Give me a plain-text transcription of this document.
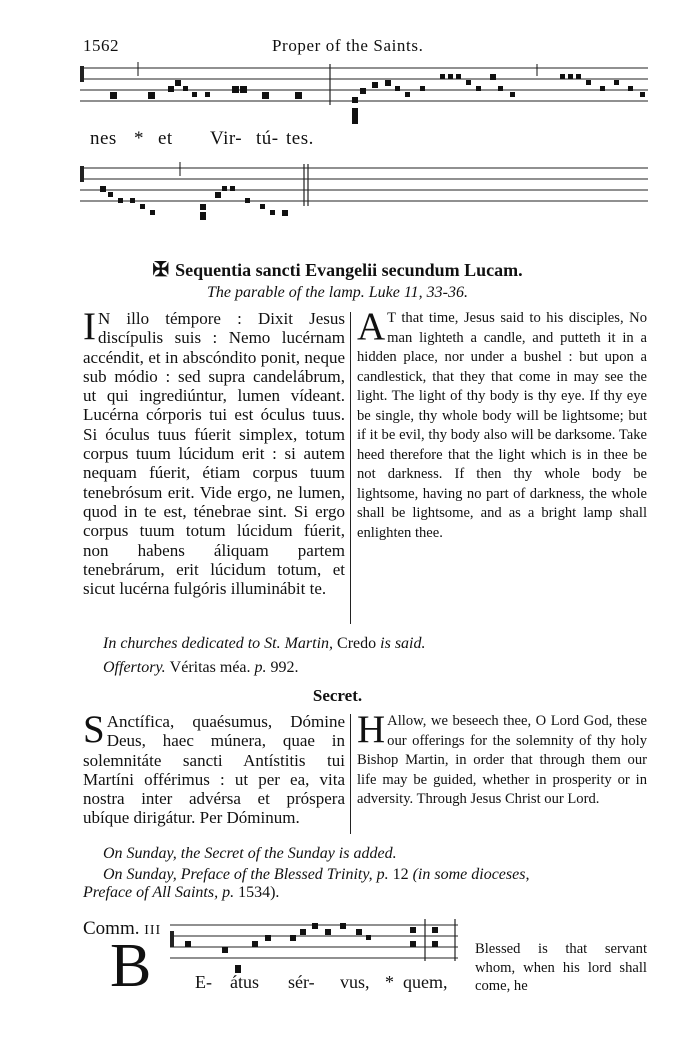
1562	Proper of the Saints.
nes * et Vir- tú- tes.
✠ Sequentia sancti Evangelii secundum Lucam.
The parable of the lamp. Luke 11, 33-36.
I N illo témpore : Dixit Jesus discípulis suis : Nemo lucérnam accéndit, et in abscóndito ponit, neque sub módio : sed supra candelábrum, ut qui ingrediúntur, lumen vídeant. Lucérna córporis tui est óculus tuus. Si óculus tuus fúerit simplex, totum corpus tuum lúcidum erit : si autem nequam fúerit, étiam corpus tuum tenebrósum erit. Vide ergo, ne lumen, quod in te est, ténebrae sint. Si ergo corpus tuum totum lúcidum fúerit, non habens áliquam partem tenebrárum, erit lúcidum totum, et sicut lucérna fulgóris illuminábit te.
A T that time, Jesus said to his disciples, No man lighteth a candle, and putteth it in a hidden place, nor under a bushel : but upon a candlestick, that they that come in may see the light. The light of thy body is thy eye. If thy eye be single, thy whole body will be lightsome; but if it be evil, thy body also will be darksome. Take heed therefore that the light which is in thee be not darkness. If then thy whole body be lightsome, having no part of darkness, the whole shall be lightsome, and as a bright lamp shall enlighten thee.
In churches dedicated to St. Martin, Credo is said.
Offertory. Véritas méa. p. 992.
Secret.
S Anctífica, quaésumus, Dómine Deus, haec múnera, quae in solemnitáte sancti Antístitis tui Martíni offérimus : ut per ea, vita nostra inter advérsa et próspera ubíque dirigátur. Per Dóminum.
H Allow, we beseech thee, O Lord God, these our offerings for the solemnity of thy holy Bishop Martin, in order that through them our life may be guided, whether in prosperity or in adversity. Through Jesus Christ our Lord.
On Sunday, the Secret of the Sunday is added.
On Sunday, Preface of the Blessed Trinity, p. 12 (in some dioceses,
Preface of All Saints, p. 1534).
Comm. III
B E- átus sér- vus, * quem,
Blessed is that servant whom, when his lord shall come, he
